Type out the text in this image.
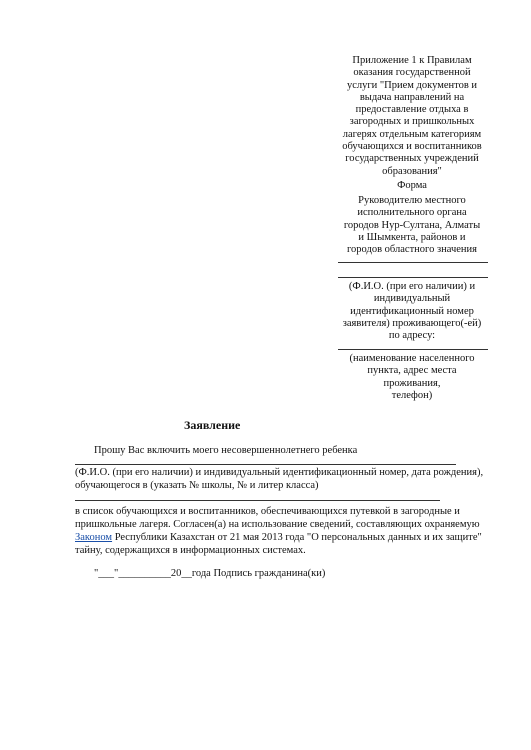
Приложение 1 к Правилам
оказания государственной
услуги "Прием документов и
выдача направлений на
предоставление отдыха в
загородных и пришкольных
лагерях отдельным категориям
обучающихся и воспитанников
государственных учреждений
образования"
Форма
Руководителю местного
исполнительного органа
городов Нур-Султана, Алматы
и Шымкента, районов и
городов областного значения
(Ф.И.О. (при его наличии) и
индивидуальный
идентификационный номер
заявителя) проживающего(-ей)
по адресу:
(наименование населенного
пункта, адрес места
проживания,
телефон)
Заявление
Прошу Вас включить моего несовершеннолетнего ребенка
(Ф.И.О. (при его наличии) и индивидуальный идентификационный номер, дата рождения),
обучающегося в (указать № школы, № и литер класса)
в список обучающихся и воспитанников, обеспечивающихся путевкой в загородные и
пришкольные лагеря. Согласен(а) на использование сведений, составляющих охраняемую
Законом Республики Казахстан от 21 мая 2013 года "О персональных данных и их защите"
тайну, содержащихся в информационных системах.
"___"__________20__года Подпись гражданина(ки)
